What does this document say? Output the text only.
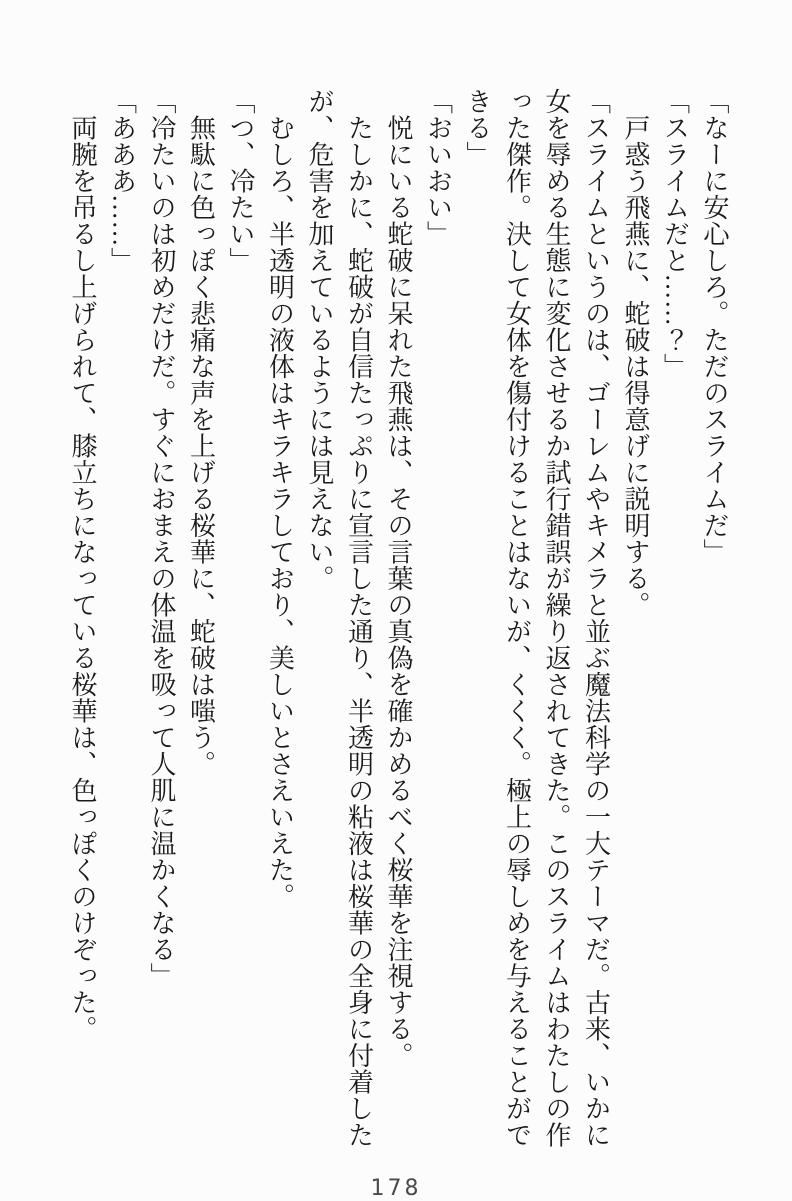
「なーに安心しろ。ただのスライムだ」

「スライムだと……？」

　戸惑う飛燕に、蛇破は得意げに説明する。

「スライムというのは、ゴーレムやキメラと並ぶ魔法科学の一大テーマだ。古来、いかに

女を辱める生態に変化させるか試行錯誤が繰り返されてきた。このスライムはわたしの作

った傑作。決して女体を傷付けることはないが、くくく。極上の辱しめを与えることがで

きる」

「おいおい」

　悦にいる蛇破に呆れた飛燕は、その言葉の真偽を確かめるべく桜華を注視する。

　たしかに、蛇破が自信たっぷりに宣言した通り、半透明の粘液は桜華の全身に付着した

が、危害を加えているようには見えない。

　むしろ、半透明の液体はキラキラしており、美しいとさえいえた。

「つ、冷たい」

　無駄に色っぽく悲痛な声を上げる桜華に、蛇破は嗤う。

「冷たいのは初めだけだ。すぐにおまえの体温を吸って人肌に温かくなる」

「あああ……」

　両腕を吊るし上げられて、膝立ちになっている桜華は、色っぽくのけぞった。

178
